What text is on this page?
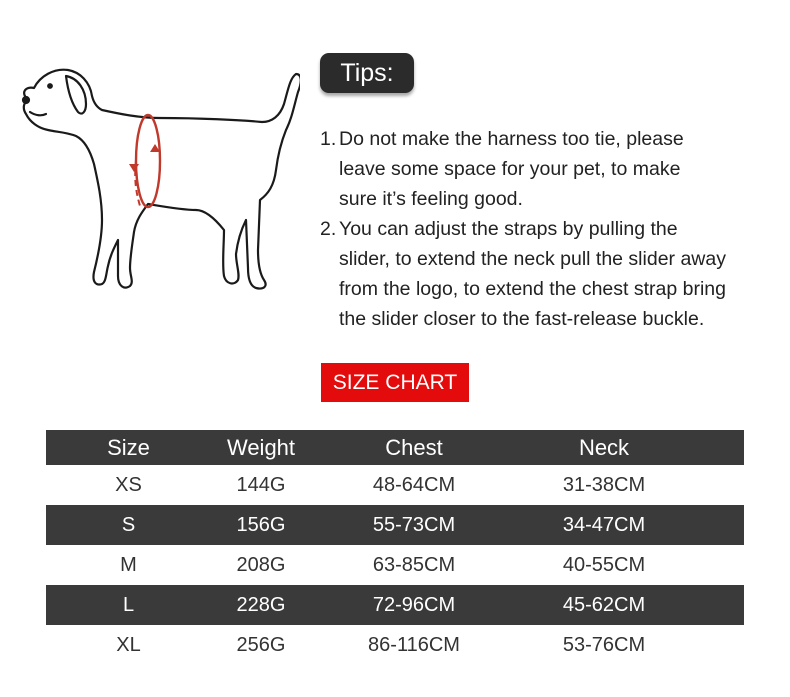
Tips:
1. Do not make the harness too tie, please
leave some space for your pet, to make
sure it’s feeling good.
2. You can adjust the straps by pulling the
slider, to extend the neck pull the slider away
from the logo, to extend the chest strap bring
the slider closer to the fast-release buckle.
SIZE CHART
Size	Weight	Chest	Neck
XS	144G	48-64CM	31-38CM
S	156G	55-73CM	34-47CM
M	208G	63-85CM	40-55CM
L	228G	72-96CM	45-62CM
XL	256G	86-116CM	53-76CM
